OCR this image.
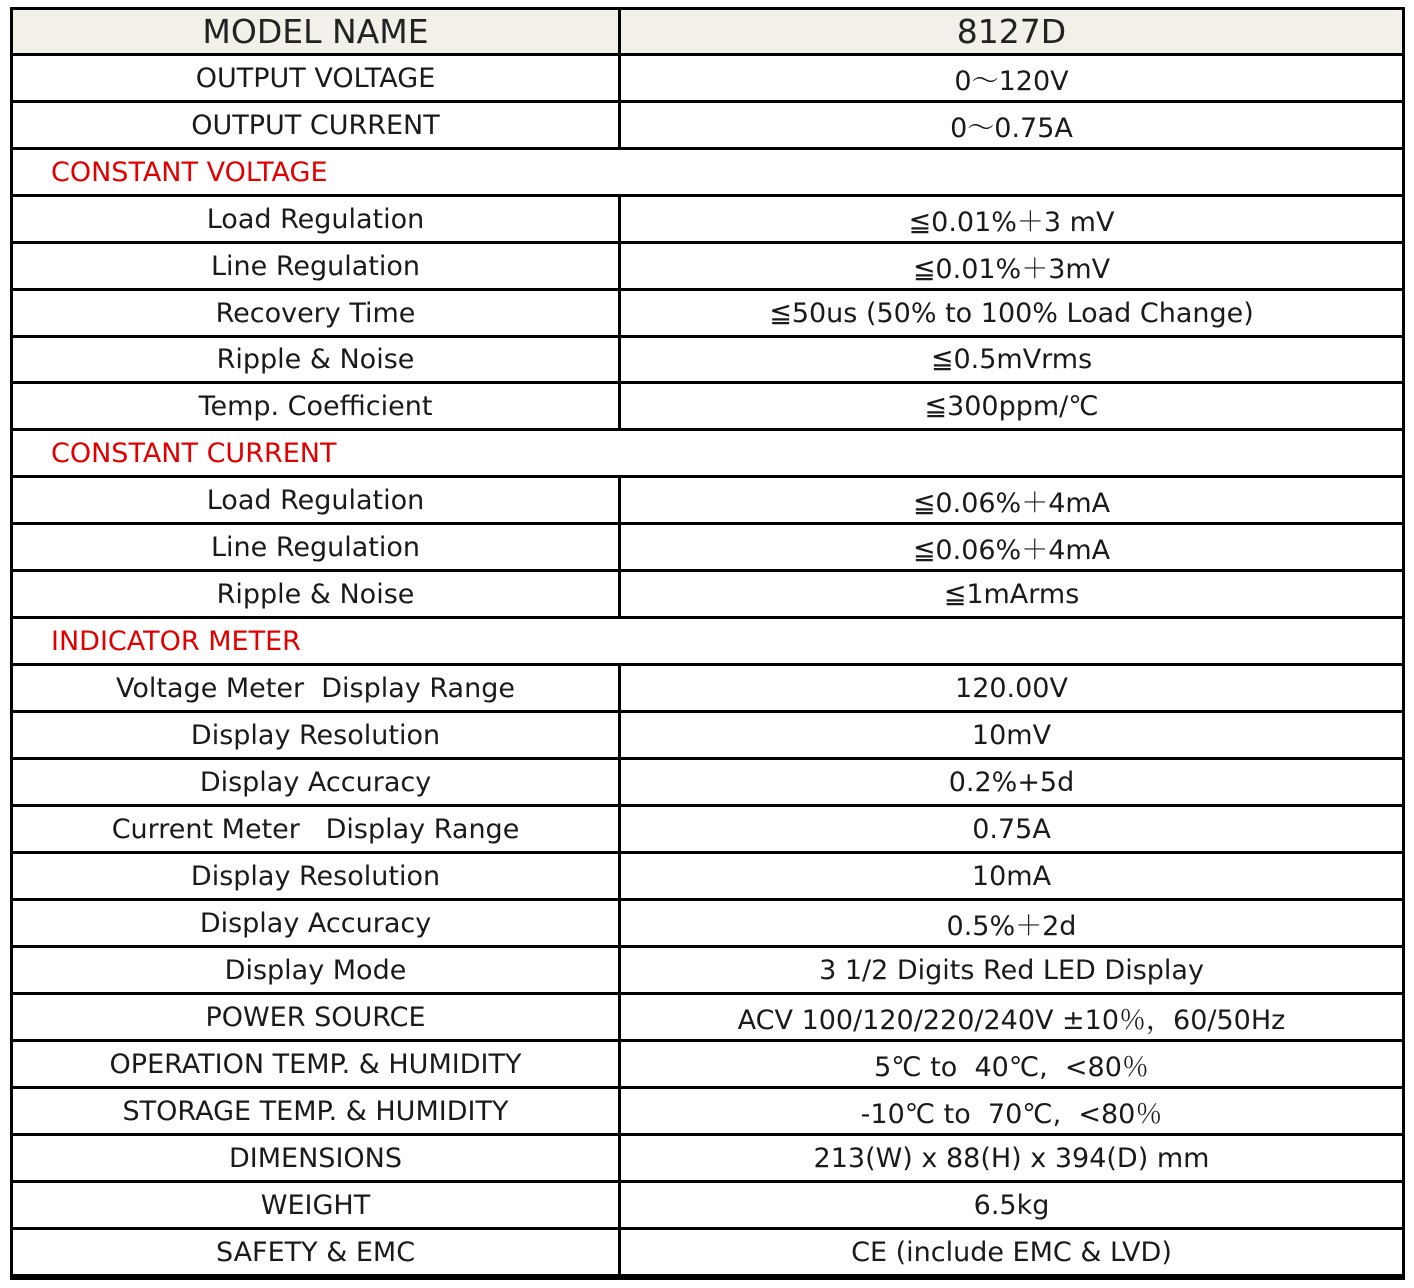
MODEL NAME	8127D
OUTPUT VOLTAGE	0～120V
OUTPUT CURRENT	0～0.75A
CONSTANT VOLTAGE
Load Regulation	≦0.01%＋3 mV
Line Regulation	≦0.01%＋3mV
Recovery Time	≦50us (50% to 100% Load Change)
Ripple & Noise	≦0.5mVrms
Temp. Coefficient	≦300ppm/℃
CONSTANT CURRENT
Load Regulation	≦0.06%＋4mA
Line Regulation	≦0.06%＋4mA
Ripple & Noise	≦1mArms
INDICATOR METER
Voltage Meter  Display Range	120.00V
Display Resolution	10mV
Display Accuracy	0.2%+5d
Current Meter   Display Range	0.75A
Display Resolution	10mA
Display Accuracy	0.5%＋2d
Display Mode	3 1/2 Digits Red LED Display
POWER SOURCE	ACV 100/120/220/240V ±10％，60/50Hz
OPERATION TEMP. & HUMIDITY	5℃ to  40℃,  <80％
STORAGE TEMP. & HUMIDITY	-10℃ to  70℃,  <80％
DIMENSIONS	213(W) x 88(H) x 394(D) mm
WEIGHT	6.5kg
SAFETY & EMC	CE (include EMC & LVD)
